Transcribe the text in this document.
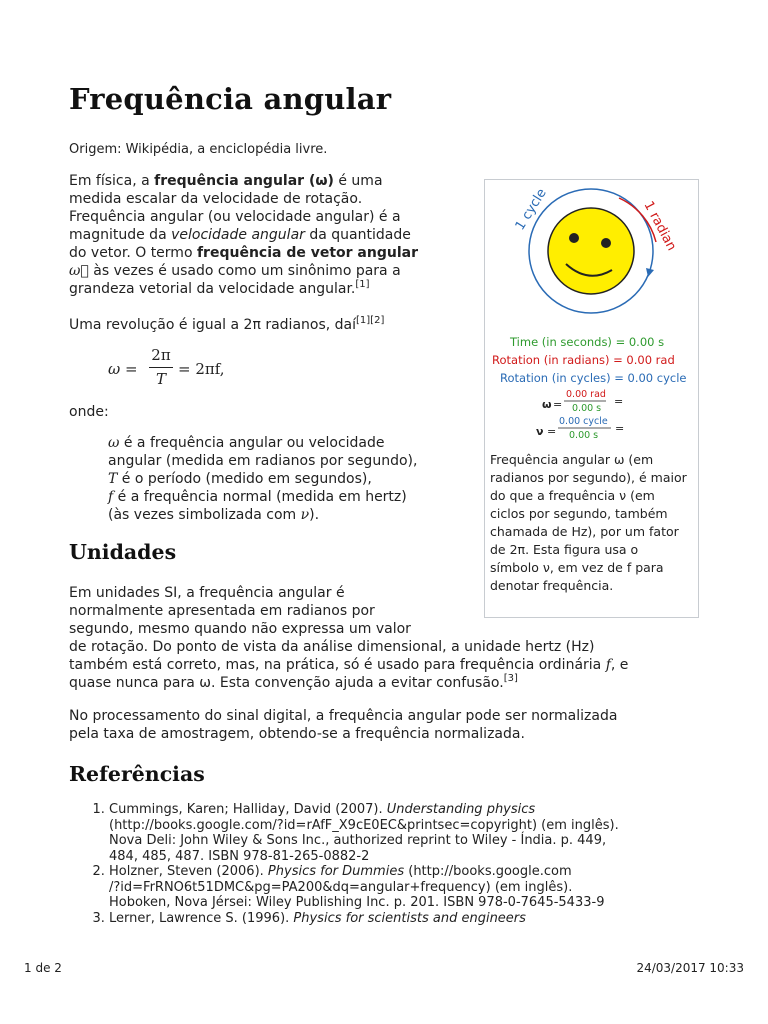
Frequência angular
Origem: Wikipédia, a enciclopédia livre.
Em física, a frequência angular (ω) é uma
medida escalar da velocidade de rotação.
Frequência angular (ou velocidade angular) é a
magnitude da velocidade angular da quantidade
do vetor. O termo frequência de vetor angular
ω⃗ às vezes é usado como um sinônimo para a
grandeza vetorial da velocidade angular.[1]
Uma revolução é igual a 2π radianos, daí[1][2]
ω =
2π
T
= 2πf,
onde:
ω é a frequência angular ou velocidade
angular (medida em radianos por segundo),
T é o período (medido em segundos),
f é a frequência normal (medida em hertz)
(às vezes simbolizada com ν).
Unidades
Em unidades SI, a frequência angular é
normalmente apresentada em radianos por
segundo, mesmo quando não expressa um valor
de rotação. Do ponto de vista da análise dimensional, a unidade hertz (Hz)
também está correto, mas, na prática, só é usado para frequência ordinária f, e
quase nunca para ω. Esta convenção ajuda a evitar confusão.[3]
No processamento do sinal digital, a frequência angular pode ser normalizada
pela taxa de amostragem, obtendo-se a frequência normalizada.
Referências
1. Cummings, Karen; Halliday, David (2007). Understanding physics
(http://books.google.com/?id=rAfF_X9cE0EC&printsec=copyright) (em inglês).
Nova Deli: John Wiley & Sons Inc., authorized reprint to Wiley - Índia. p. 449,
484, 485, 487. ISBN 978-81-265-0882-2
2. Holzner, Steven (2006). Physics for Dummies (http://books.google.com
/?id=FrRNO6t51DMC&pg=PA200&dq=angular+frequency) (em inglês).
Hoboken, Nova Jérsei: Wiley Publishing Inc. p. 201. ISBN 978-0-7645-5433-9
3. Lerner, Lawrence S. (1996). Physics for scientists and engineers
1 cycle	1 radian
Time (in seconds) = 0.00 s
Rotation (in radians) = 0.00 rad
Rotation (in cycles) = 0.00 cycle
ω =
0.00 rad
0.00 s
=
ν =
0.00 cycle
0.00 s
=
Frequência angular ω (em radianos por segundo), é maior do que a frequência ν (em ciclos por segundo, também chamada de Hz), por um fator de 2π. Esta figura usa o símbolo ν, em vez de f para denotar frequência.
1 de 2	24/03/2017 10:33
